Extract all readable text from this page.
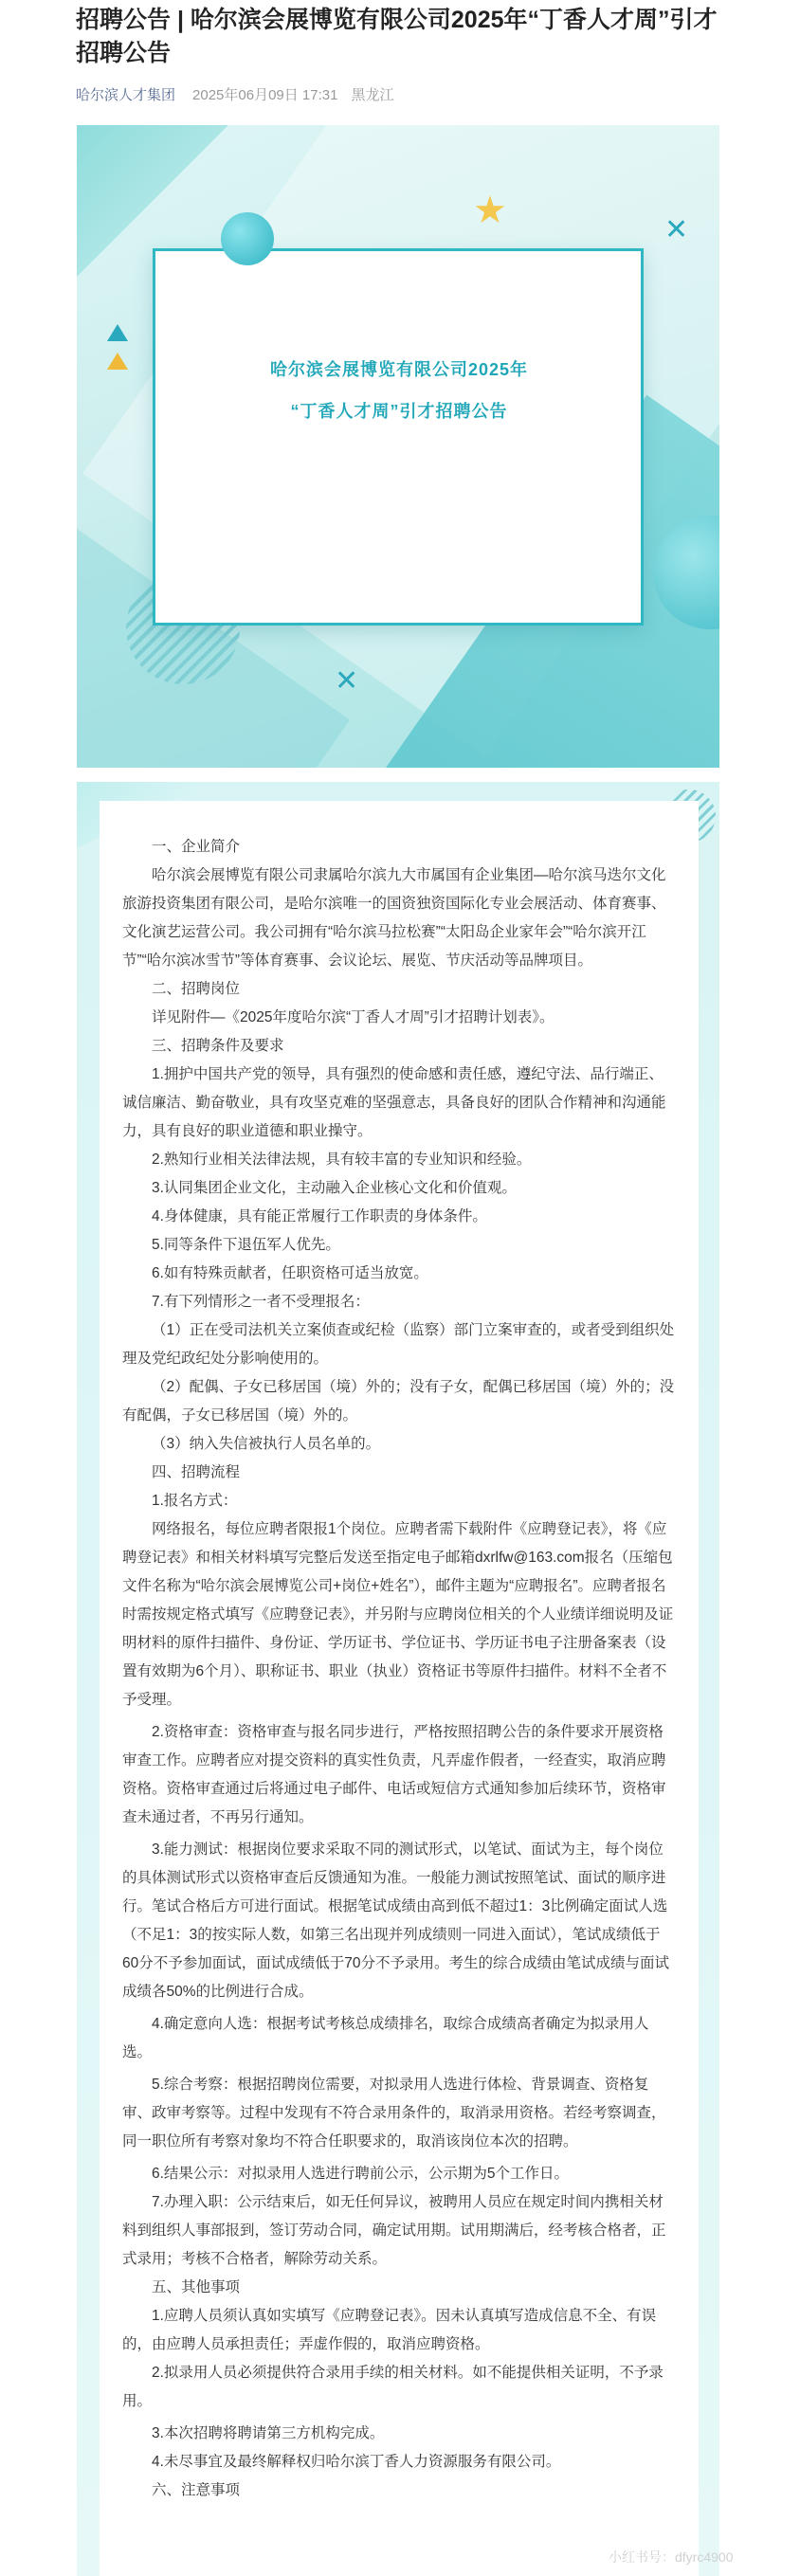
招聘公告 | 哈尔滨会展博览有限公司2025年“丁香人才周”引才招聘公告
哈尔滨人才集团 2025年06月09日 17:31 黑龙江
★	✕
✕
哈尔滨会展博览有限公司2025年
“丁香人才周”引才招聘公告

一、企业简介

哈尔滨会展博览有限公司隶属哈尔滨九大市属国有企业集团—哈尔滨马迭尔文化旅游投资集团有限公司，是哈尔滨唯一的国资独资国际化专业会展活动、体育赛事、文化演艺运营公司。我公司拥有“哈尔滨马拉松赛”“太阳岛企业家年会”“哈尔滨开江节”“哈尔滨冰雪节”等体育赛事、会议论坛、展览、节庆活动等品牌项目。

二、招聘岗位

详见附件—《2025年度哈尔滨“丁香人才周”引才招聘计划表》。

三、招聘条件及要求

1.拥护中国共产党的领导，具有强烈的使命感和责任感，遵纪守法、品行端正、诚信廉洁、勤奋敬业，具有攻坚克难的坚强意志，具备良好的团队合作精神和沟通能力，具有良好的职业道德和职业操守。

2.熟知行业相关法律法规，具有较丰富的专业知识和经验。

3.认同集团企业文化，主动融入企业核心文化和价值观。

4.身体健康，具有能正常履行工作职责的身体条件。

5.同等条件下退伍军人优先。

6.如有特殊贡献者，任职资格可适当放宽。

7.有下列情形之一者不受理报名：

（1）正在受司法机关立案侦查或纪检（监察）部门立案审查的，或者受到组织处理及党纪政纪处分影响使用的。

（2）配偶、子女已移居国（境）外的；没有子女，配偶已移居国（境）外的；没有配偶，子女已移居国（境）外的。

（3）纳入失信被执行人员名单的。

四、招聘流程

1.报名方式：

网络报名，每位应聘者限报1个岗位。应聘者需下载附件《应聘登记表》，将《应聘登记表》和相关材料填写完整后发送至指定电子邮箱dxrlfw@163.com报名（压缩包文件名称为“哈尔滨会展博览公司+岗位+姓名”），邮件主题为“应聘报名”。应聘者报名时需按规定格式填写《应聘登记表》，并另附与应聘岗位相关的个人业绩详细说明及证明材料的原件扫描件、身份证、学历证书、学位证书、学历证书电子注册备案表（设置有效期为6个月）、职称证书、职业（执业）资格证书等原件扫描件。材料不全者不予受理。

2.资格审查：资格审查与报名同步进行，严格按照招聘公告的条件要求开展资格审查工作。应聘者应对提交资料的真实性负责，凡弄虚作假者，一经查实，取消应聘资格。资格审查通过后将通过电子邮件、电话或短信方式通知参加后续环节，资格审查未通过者，不再另行通知。

3.能力测试：根据岗位要求采取不同的测试形式，以笔试、面试为主，每个岗位的具体测试形式以资格审查后反馈通知为准。一般能力测试按照笔试、面试的顺序进行。笔试合格后方可进行面试。根据笔试成绩由高到低不超过1：3比例确定面试人选（不足1：3的按实际人数，如第三名出现并列成绩则一同进入面试），笔试成绩低于60分不予参加面试，面试成绩低于70分不予录用。考生的综合成绩由笔试成绩与面试成绩各50%的比例进行合成。

4.确定意向人选：根据考试考核总成绩排名，取综合成绩高者确定为拟录用人选。

5.综合考察：根据招聘岗位需要，对拟录用人选进行体检、背景调查、资格复审、政审考察等。过程中发现有不符合录用条件的，取消录用资格。若经考察调查，同一职位所有考察对象均不符合任职要求的，取消该岗位本次的招聘。

6.结果公示：对拟录用人选进行聘前公示，公示期为5个工作日。

7.办理入职：公示结束后，如无任何异议，被聘用人员应在规定时间内携相关材料到组织人事部报到，签订劳动合同，确定试用期。试用期满后，经考核合格者，正式录用；考核不合格者，解除劳动关系。

五、其他事项

1.应聘人员须认真如实填写《应聘登记表》。因未认真填写造成信息不全、有误的，由应聘人员承担责任；弄虚作假的，取消应聘资格。

2.拟录用人员必须提供符合录用手续的相关材料。如不能提供相关证明，不予录用。

3.本次招聘将聘请第三方机构完成。

4.未尽事宜及最终解释权归哈尔滨丁香人力资源服务有限公司。

六、注意事项

小红书号：dfyrc4900
